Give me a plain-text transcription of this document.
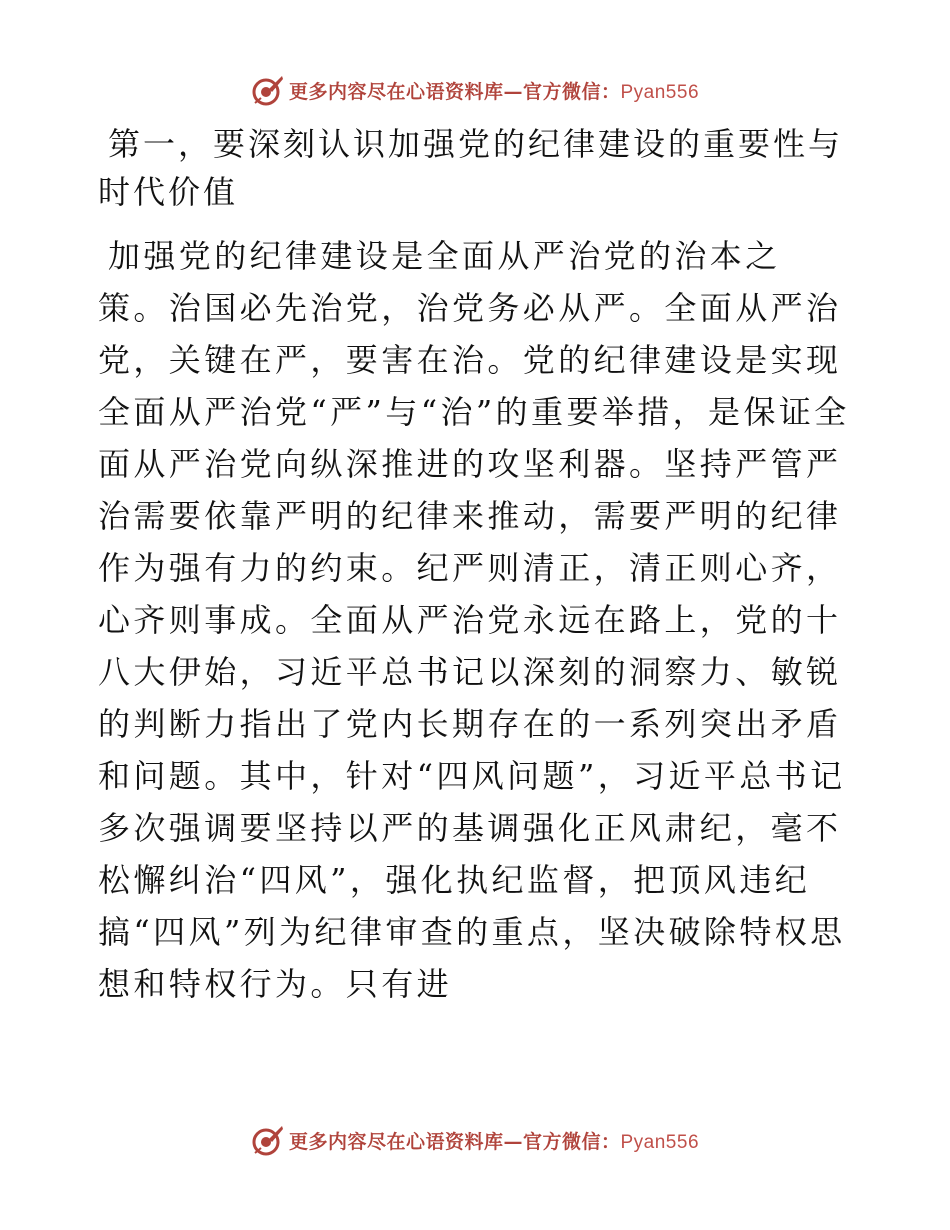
更多内容尽在心语资料库—官方微信：Pyan556
第一，要深刻认识加强党的纪律建设的重要性与时代价值

加强党的纪律建设是全面从严治党的治本之策。治国必先治党，治党务必从严。全面从严治党，关键在严，要害在治。党的纪律建设是实现全面从严治党“严”与“治”的重要举措，是保证全面从严治党向纵深推进的攻坚利器。坚持严管严治需要依靠严明的纪律来推动，需要严明的纪律作为强有力的约束。纪严则清正，清正则心齐，心齐则事成。全面从严治党永远在路上，党的十八大伊始，习近平总书记以深刻的洞察力、敏锐的判断力指出了党内长期存在的一系列突出矛盾和问题。其中，针对“四风问题”，习近平总书记多次强调要坚持以严的基调强化正风肃纪，毫不松懈纠治“四风”，强化执纪监督，把顶风违纪搞“四风”列为纪律审查的重点，坚决破除特权思想和特权行为。只有进

更多内容尽在心语资料库—官方微信：Pyan556
